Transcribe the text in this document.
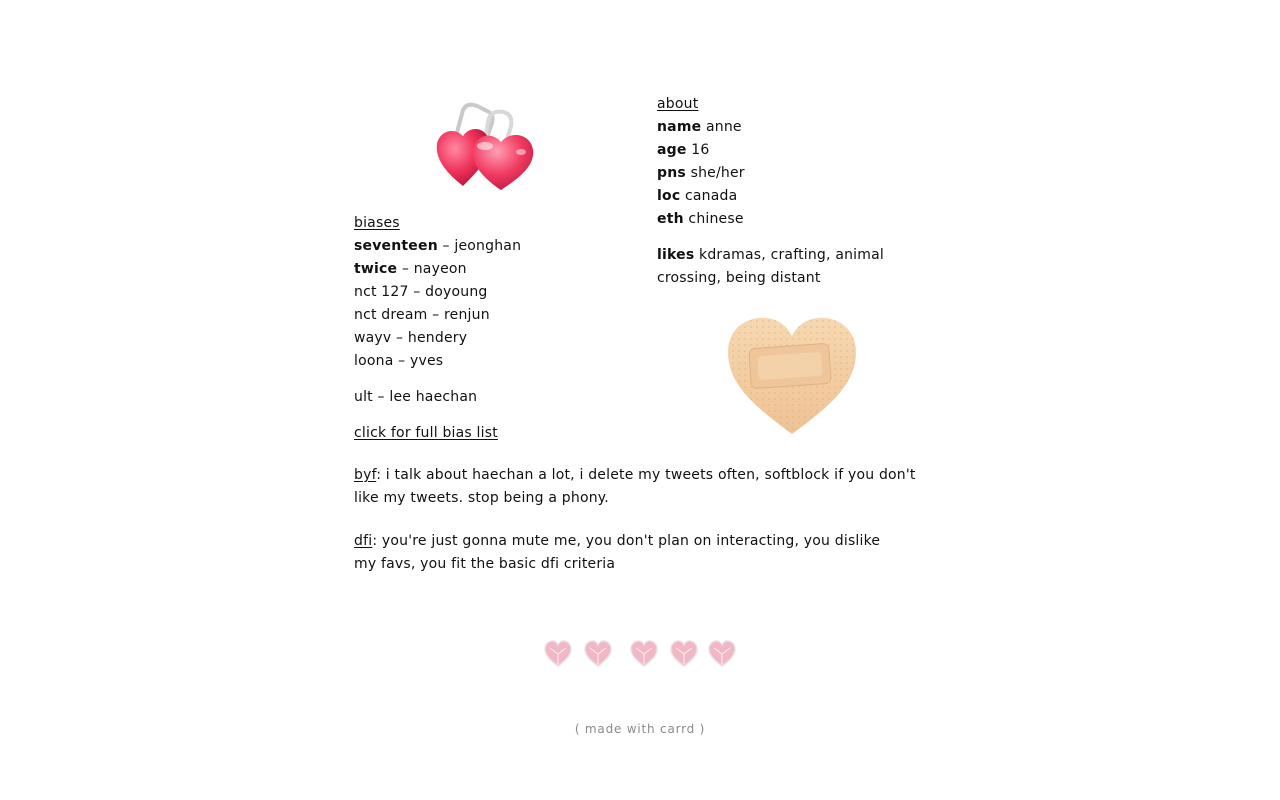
biases
seventeen – jeonghan
twice – nayeon
nct 127 – doyoung
nct dream – renjun
wayv – hendery
loona – yves
ult – lee haechan
click for full bias list
about
name anne
age 16
pns she/her
loc canada
eth chinese
likes kdramas, crafting, animal crossing, being distant
byf: i talk about haechan a lot, i delete my tweets often, softblock if you don't like my tweets. stop being a phony.
dfi: you're just gonna mute me, you don't plan on interacting, you dislike my favs, you fit the basic dfi criteria
( made with carrd )
